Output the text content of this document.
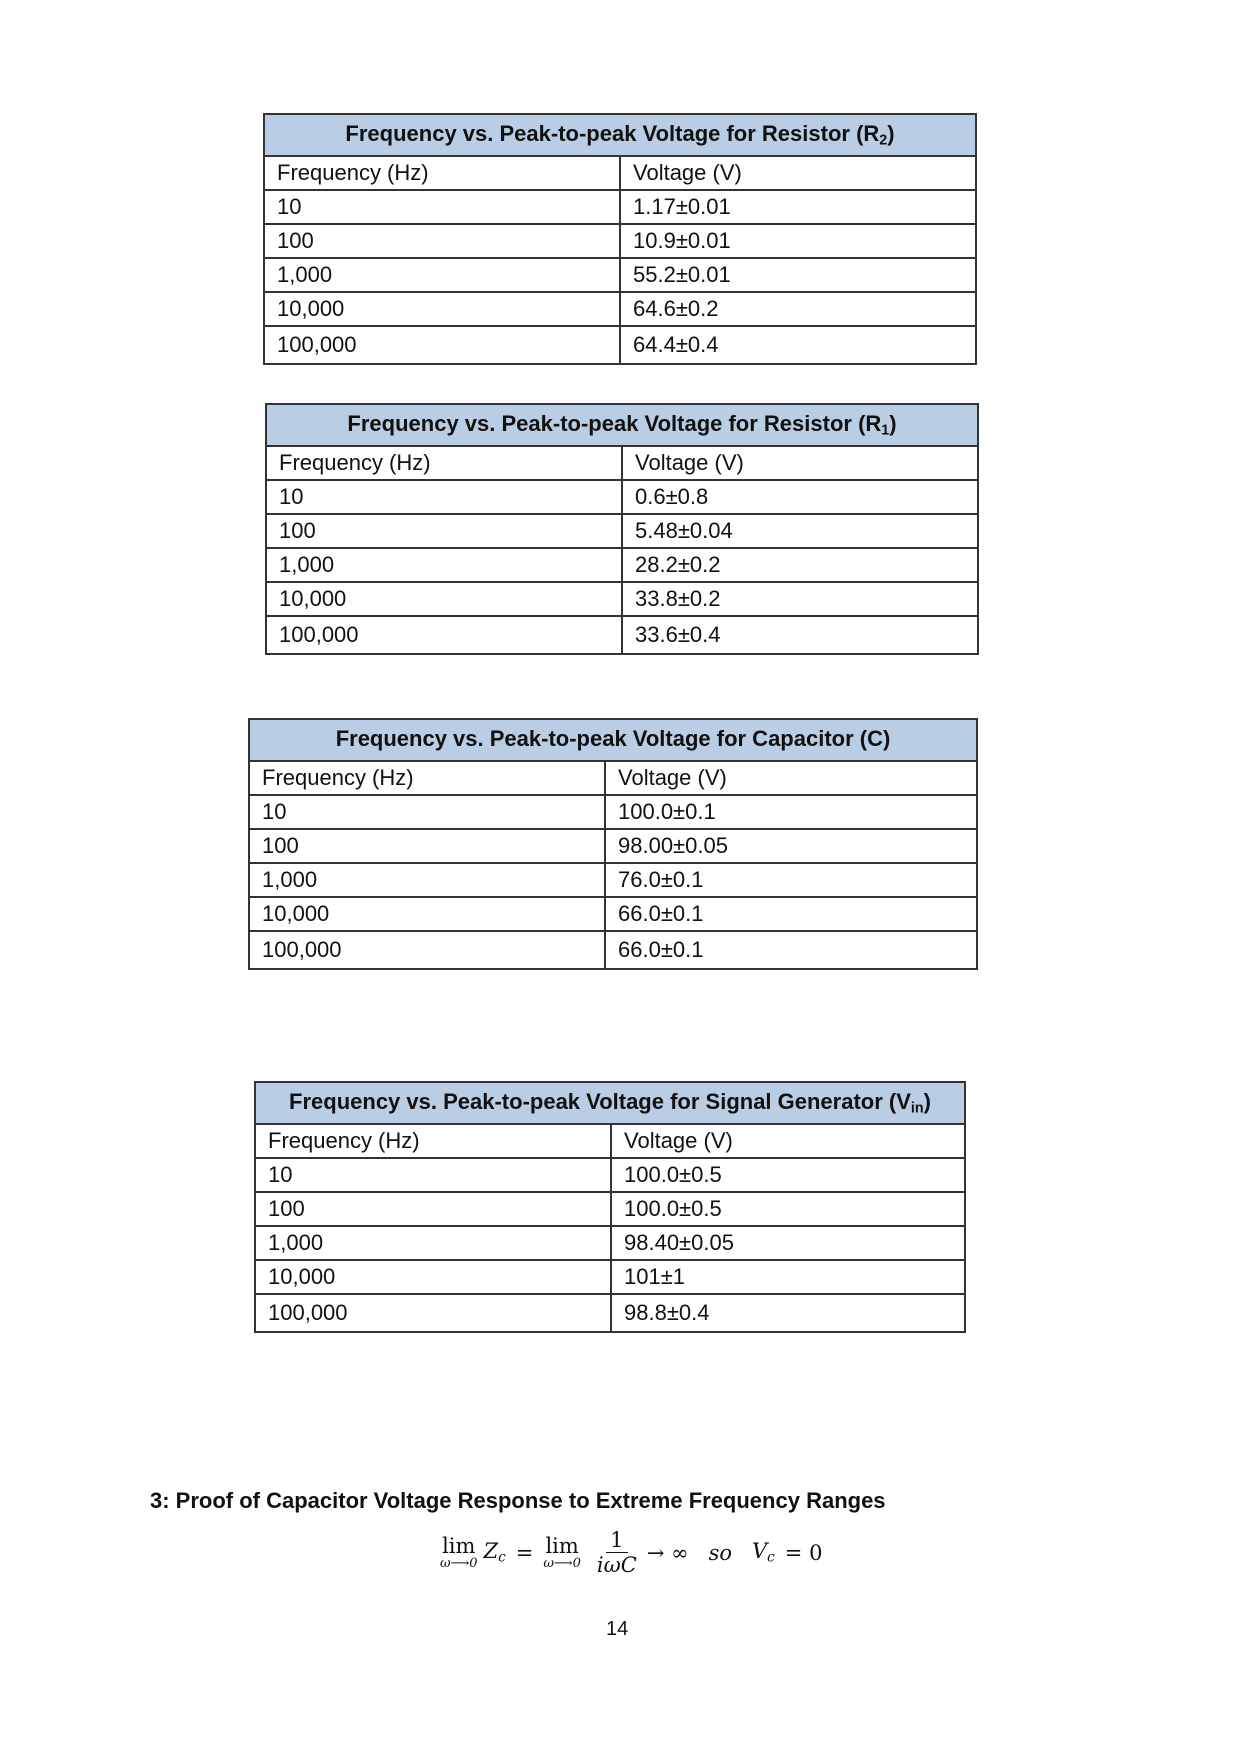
Frequency vs. Peak-to-peak Voltage for Resistor $(R_2)$	
Frequency (Hz)	Voltage (V)
10	1.17±0.01
100	10.9±0.01
1,000	55.2±0.01
10,000	64.6±0.2
100,000	64.4±0.4
Frequency vs. Peak-to-peak Voltage for Resistor $(R_1)$	
Frequency (Hz)	Voltage (V)
10	0.6±0.8
100	5.48±0.04
1,000	28.2±0.2
10,000	33.8±0.2
100,000	33.6±0.4
Frequency vs. Peak-to-peak Voltage for Capacitor (C)	
Frequency (Hz)	Voltage (V)
10	100.0±0.1
100	98.00±0.05
1,000	76.0±0.1
10,000	66.0±0.1
100,000	66.0±0.1
Frequency vs. Peak-to-peak Voltage for Signal Generator $(V_{in})$	
Frequency (Hz)	Voltage (V)
10	100.0±0.5
100	100.0±0.5
1,000	98.40±0.05
10,000	101±1
100,000	98.8±0.4
3: Proof of Capacitor Voltage Response to Extreme Frequency Ranges
lim
ω⟶0
$Z_c = \lim$
ω⟶0 $\frac{1}{\text{iωC}}$ → ∞ so $V_c = 0$
14
